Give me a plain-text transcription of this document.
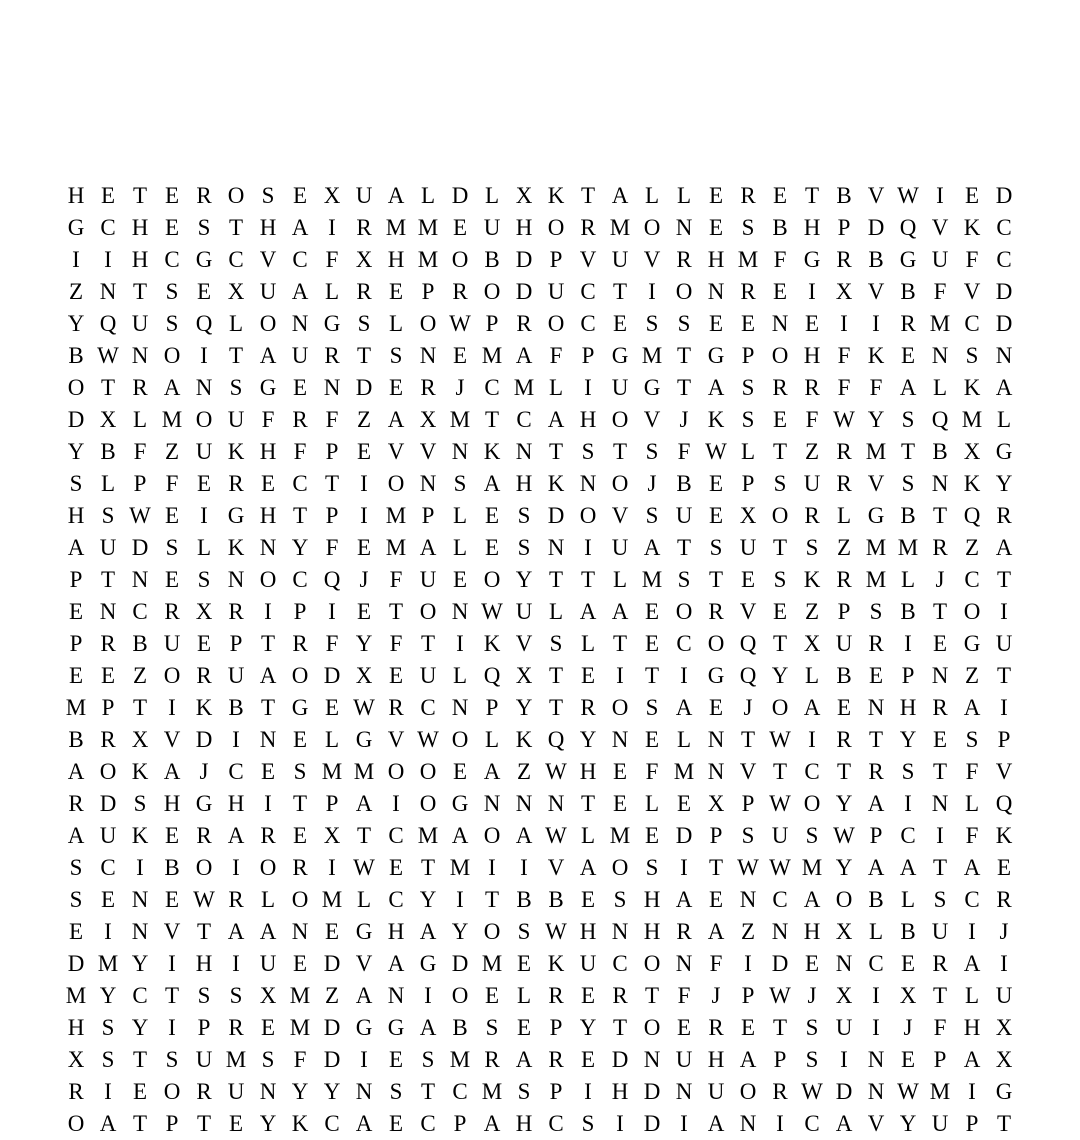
H E T E R O S E X U A L D L X K T A L L E R E T B V W I E D
G C H E S T H A I R M M E U H O R M O N E S B H P D Q V K C
I	I H C G C V C F X H M O B D P V U V R H M F G R B G U F C
Z N T S E X U A L R E P R O D U C T I O N R E I X V B F V D
Y Q U S Q L O N G S L O W P R O C E S S E E N E I	I R M C D
B W N O I T A U R T S N E M A F P G M T G P O H F K E N S N
O T R A N S G E N D E R J C M L I U G T A S R R F F A L K A
D X L M O U F R F Z A X M T C A H O V J K S E F W Y S Q M L
Y B F Z U K H F P E V V N K N T S T S F W L T Z R M T B X G
S L P F E R E C T I O N S A H K N O J B E P S U R V S N K Y
H S W E I G H T P I M P L E S D O V S U E X O R L G B T Q R
A U D S L K N Y F E M A L E S N I U A T S U T S Z M M R Z A
P T N E S N O C Q J F U E O Y T T L M S T E S K R M L J C T
E N C R X R I P I E T O N W U L A A E O R V E Z P S B T O I
P R B U E P T R F Y F T I K V S L T E C O Q T X U R I E G U
E E Z O R U A O D X E U L Q X T E I T I G Q Y L B E P N Z T
M P T I K B T G E W R C N P Y T R O S A E J O A E N H R A I
B R X V D I N E L G V W O L K Q Y N E L N T W I R T Y E S P
A O K A J C E S M M O O E A Z W H E F M N V T C T R S T F V
R D S H G H I T P A I O G N N N T E L E X P W O Y A I N L Q
A U K E R A R E X T C M A O A W L M E D P S U S W P C I F K
S C I B O I O R I W E T M I	I V A O S I T W W M Y A A T A E
S E N E W R L O M L C Y I T B B E S H A E N C A O B L S C R
E I N V T A A N E G H A Y O S W H N H R A Z N H X L B U I	J
D M Y I H I U E D V A G D M E K U C O N F I D E N C E R A I
M Y C T S S X M Z A N I O E L R E R T F J P W J X I X T L U
H S Y I P R E M D G G A B S E P Y T O E R E T S U I	J F H X
X S T S U M S F D I E S M R A R E D N U H A P S I N E P A X
R I E O R U N Y Y N S T C M S P I H D N U O R W D N W M I G
O A T P T E Y K C A E C P A H C S I D I A N I C A V Y U P T
